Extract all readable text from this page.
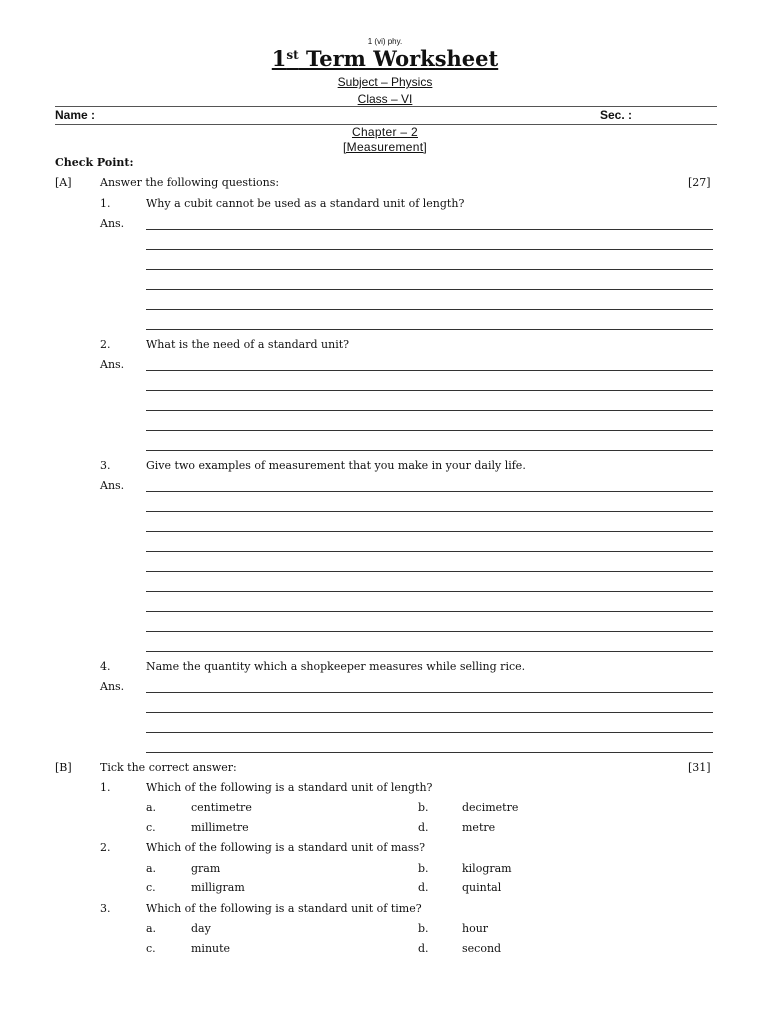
1 (vi) phy.
1st Term Worksheet
Subject – Physics
Class – VI
Name :	Sec. :
Chapter – 2
[Measurement]
Check Point:
[A]	Answer the following questions:	[27]
1.	Why a cubit cannot be used as a standard unit of length?
Ans.
2.	What is the need of a standard unit?
Ans.
3.	Give two examples of measurement that you make in your daily life.
Ans.
4.	Name the quantity which a shopkeeper measures while selling rice.
Ans.
[B]	Tick the correct answer:	[31]
1.	Which of the following is a standard unit of length?
a.	centimetre	b.	decimetre
c.	millimetre	d.	metre
2.	Which of the following is a standard unit of mass?
a.	gram	b.	kilogram
c.	milligram	d.	quintal
3.	Which of the following is a standard unit of time?
a.	day	b.	hour
c.	minute	d.	second
